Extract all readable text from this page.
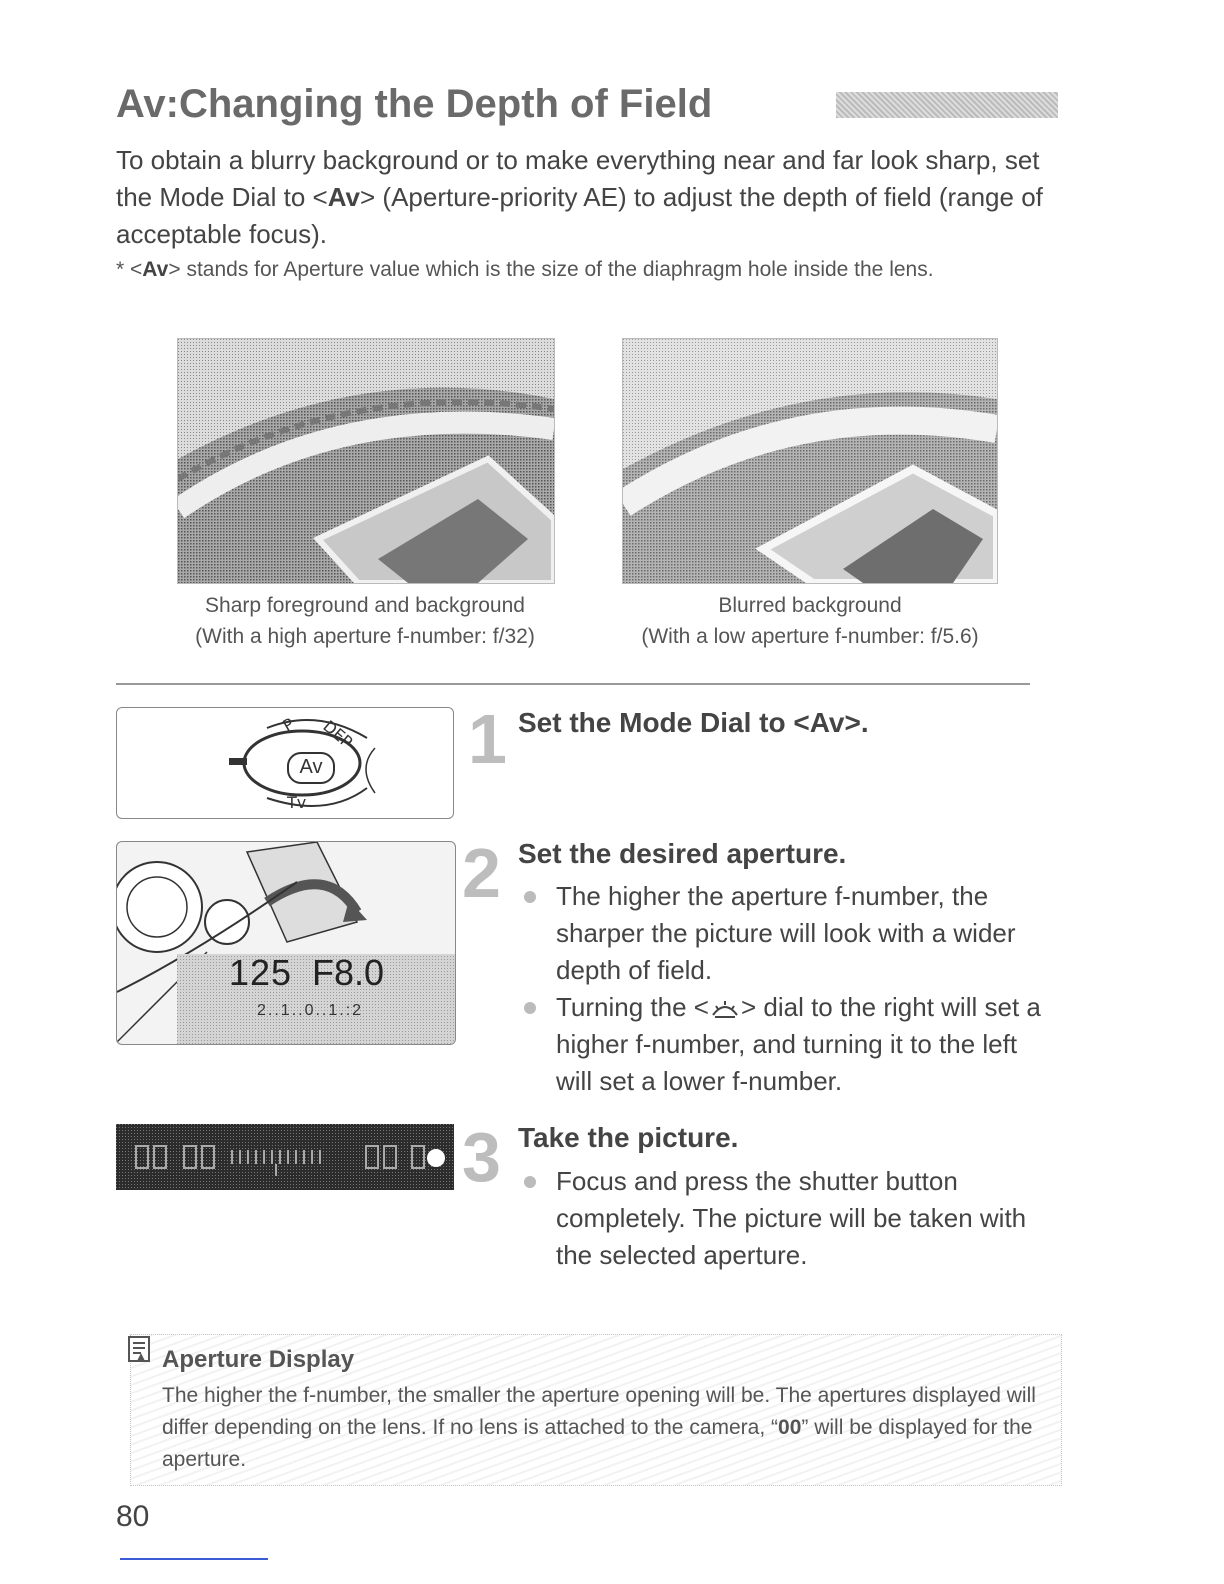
Av : Changing the Depth of Field
To obtain a blurry background or to make everything near and far look sharp, set the Mode Dial to <Av> (Aperture-priority AE) to adjust the depth of field (range of acceptable focus).
* <Av> stands for Aperture value which is the size of the diaphragm hole inside the lens.
Sharp foreground and background
(With a high aperture f-number: f/32)
Blurred background
(With a low aperture f-number: f/5.6)
P DEP
Tv
Av 1 Set the Mode Dial to <Av>.
125 F8.0
2..1..0..1.:2
2 Set the desired aperture.
The higher the aperture f-number, the sharper the picture will look with a wider depth of field.
Turning the < > dial to the right will set a higher f-number, and turning it to the left will set a lower f-number.
3 Take the picture.
Focus and press the shutter button completely. The picture will be taken with the selected aperture.
Aperture Display
The higher the f-number, the smaller the aperture opening will be. The apertures displayed will differ depending on the lens. If no lens is attached to the camera, “00” will be displayed for the aperture.
80
